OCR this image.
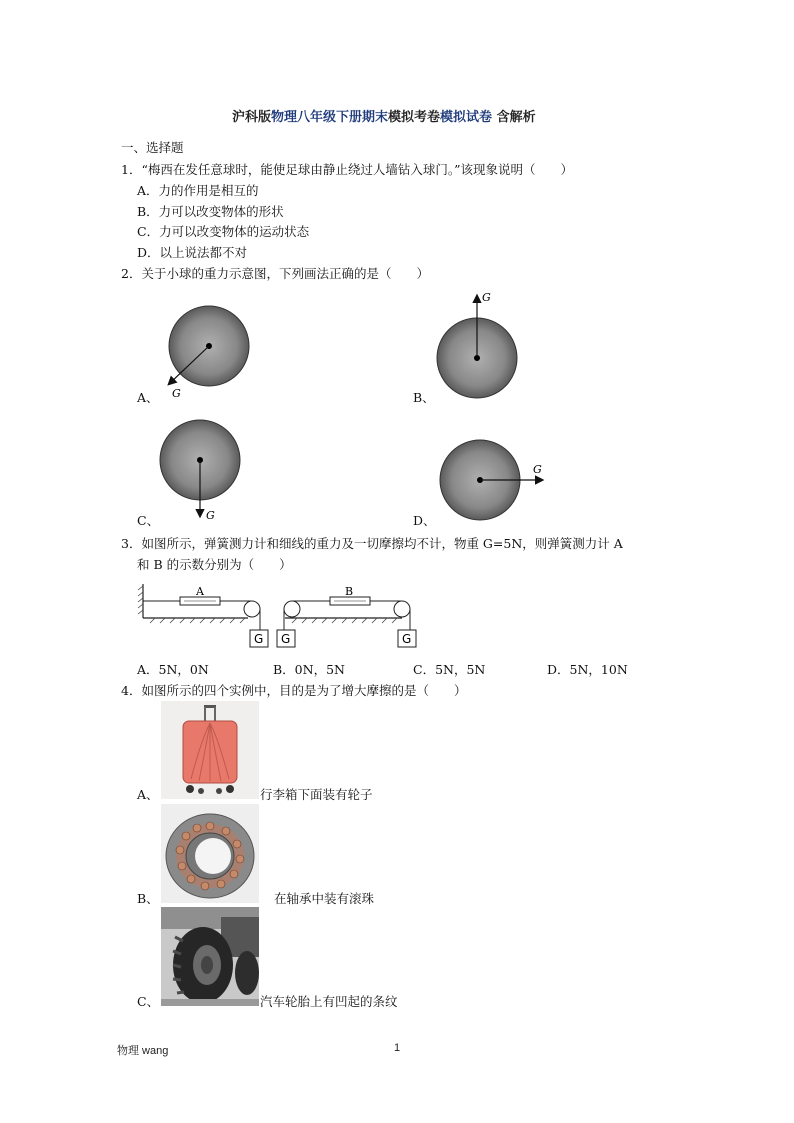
沪科版物理八年级下册期末模拟考卷模拟试卷 含解析
一、选择题
1．“梅西在发任意球时，能使足球由静止绕过人墙钻入球门。”该现象说明（　　）
A．力的作用是相互的
B．力可以改变物体的形状
C．力可以改变物体的运动状态
D．以上说法都不对
2．关于小球的重力示意图，下列画法正确的是（　　）
G
G
G
G
A、	B、
C、	D、
3．如图所示，弹簧测力计和细线的重力及一切摩擦均不计，物重 G=5N，则弹簧测力计 A
和 B 的示数分别为（　　）
A
G G
B
G
A．5N，0N	B．0N，5N	C．5N，5N	D．5N，10N
4．如图所示的四个实例中，目的是为了增大摩擦的是（　　）
A、	行李箱下面装有轮子
B、	在轴承中装有滚珠
C、	汽车轮胎上有凹起的条纹
物理 wang	1
